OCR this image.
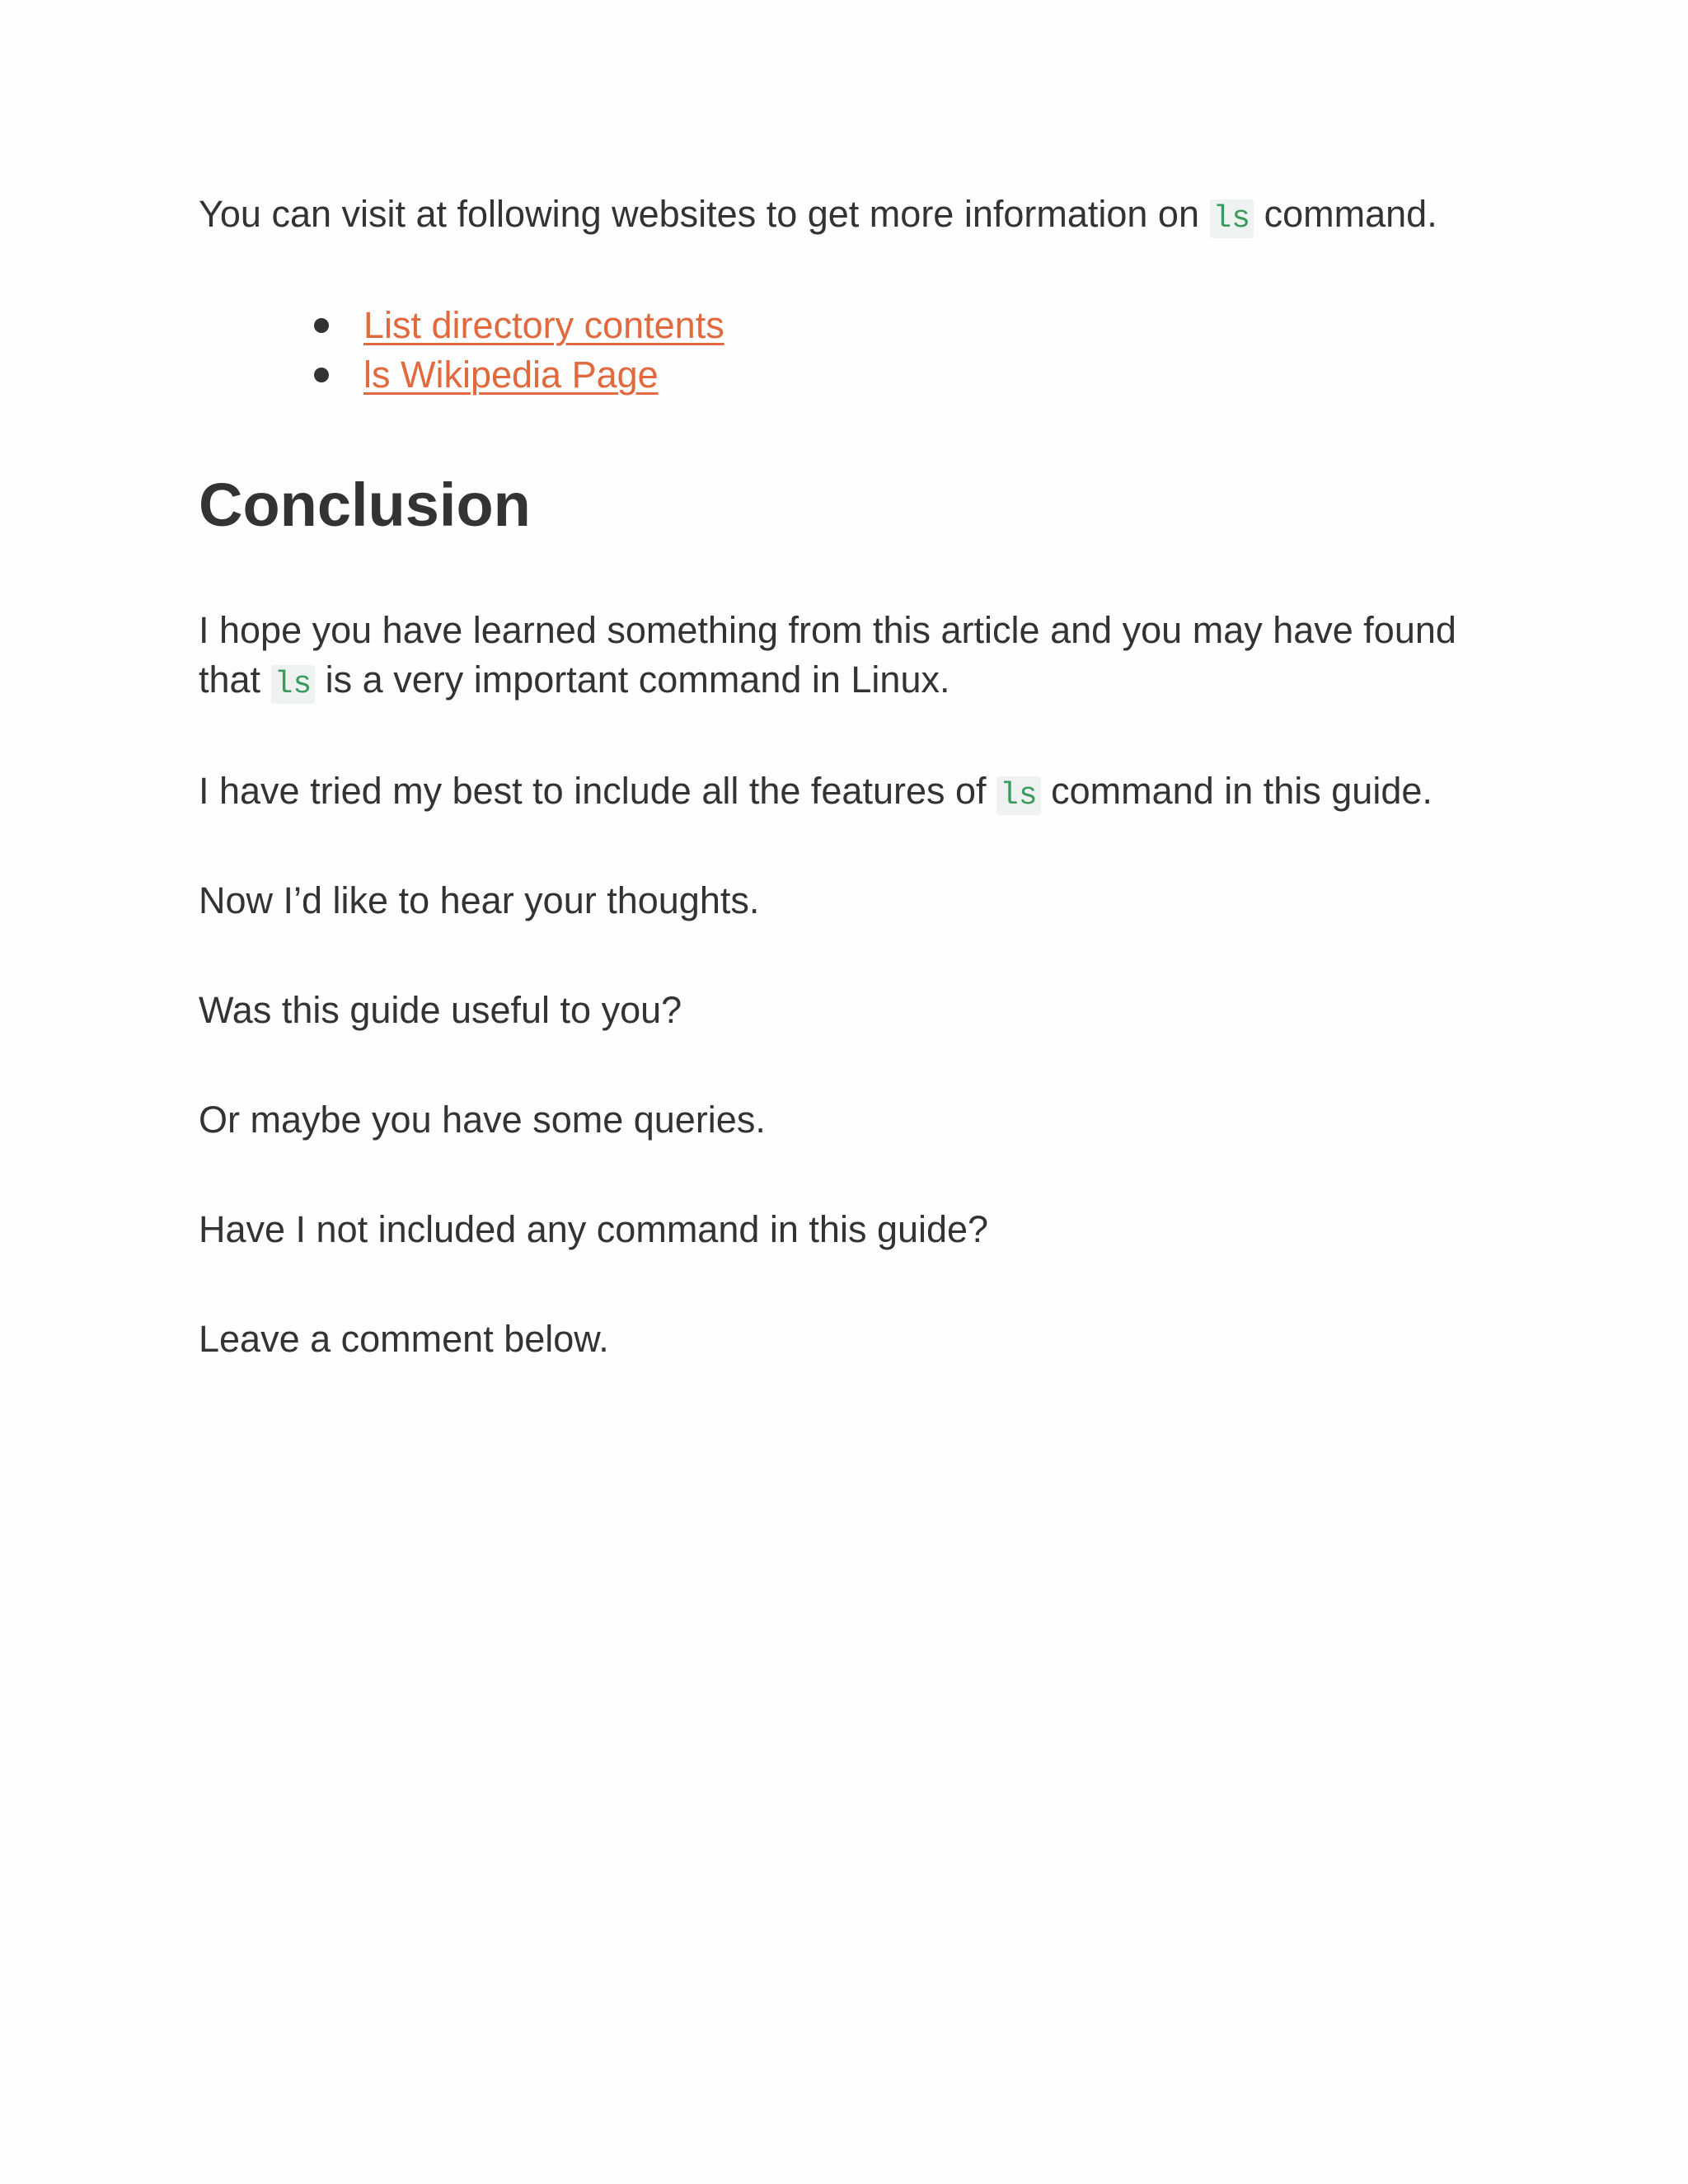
You can visit at following websites to get more information on ls command.

List directory contents
ls Wikipedia Page
Conclusion

I hope you have learned something from this article and you may have found

that ls is a very important command in Linux.

I have tried my best to include all the features of ls command in this guide.

Now I’d like to hear your thoughts.

Was this guide useful to you?

Or maybe you have some queries.

Have I not included any command in this guide?

Leave a comment below.
